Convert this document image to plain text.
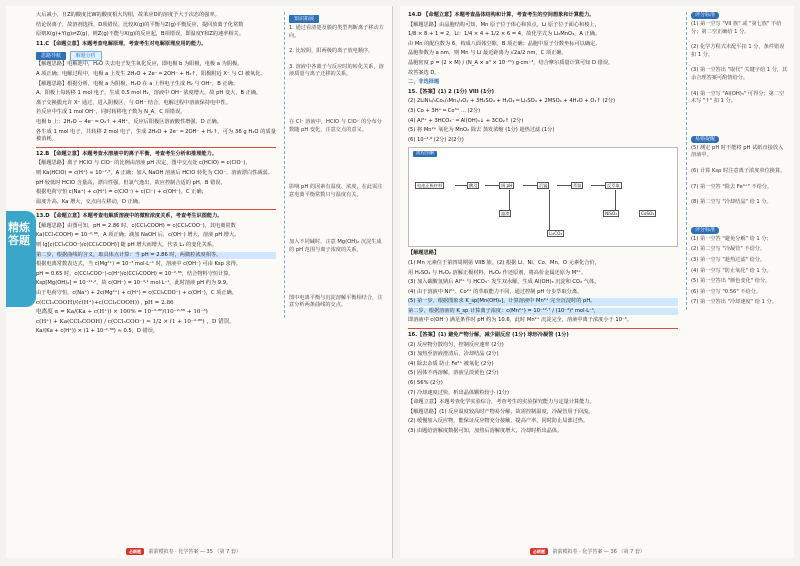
精炼答题
大后减小，且Z的酸度比W的酸度相大均相，故苯应D的溶度予大于次态的强率。
结论误离子，故溶剂选择，D项错误。比较X(g)的平衡与Z(g)平衡反应，提回放离子化常数
原则X(g)+Y(g)⇌Z(g)，则Z(g)不能与X(g)的反应起，B项错误，即温度Y和Z的速率相关。
11.C 【命题立意】本题考查电解原理，考查考生对电解原理应用的能力。
思路导航	解题分析
【解题思路】电解池中，H₂O 失去电子发生氧化反应，即电极 b 为阳极，电极 a 为阴极。
A 项正确；电解过程中，电极 a 上发生 2H₂O + 2e⁻ ═ 2OH⁻ + H₂↑，阳极附近 X⁻ 与 Cl 被氧化。
【解题思路】根据分析，电极 a 为阴极，H₂O 在 a 上得电子生成 H₂ 与 OH⁻，B 正确；
A、阳极上每转移 1 mol 电子，生成 0.5 mol H₂，溶液中 OH⁻ 浓度增大，故 pH 变大，B 正确。
离子交换膜允许 X⁻ 通过，进入阴极区，与 OH⁻ 结合，电解过程中溶液保持电中性。
若反应中生成 1 mol OH⁻，同时转移电子数为 N_A，C 项错误。
电极 b 上：2H₂O − 4e⁻ ═ O₂↑ + 4H⁺，反应后阳极区溶液酸性增强，D 正确。
各生成 1 mol 电子，共转移 2 mol 电子，生成 2H₂O + 2e⁻ ═ 2OH⁻ + H₂↑，可为 36 g H₂O 的质量被消耗。
12.B 【命题立意】本题考查水溶液中的离子平衡，考查考生分析和推理能力。
【解题思路】离子 HClO 与 ClO⁻ 的比例由溶液 pH 决定，图中交点处 c(HClO) = c(ClO⁻)，
则 Ka(HClO) = c(H⁺) ≈ 10⁻⁷·⁵，A 正确；加入 NaOH 溶液后 HClO 转化为 ClO⁻，溶液漂白性减弱。
pH 较低时 HClO 含量高，漂白性强，但氯气逸出，故应控制合适的 pH，B 错误。
根据电荷守恒 c(Na⁺) + c(H⁺) = c(ClO⁻) + c(Cl⁻) + c(OH⁻)，C 正确；
温度升高，Ka 增大，交点向左移动，D 正确。
13.D 【命题立意】本题考查电解质溶液中的微粒浓度关系，考查考生识图能力。
【解题思路】由图可知，pH = 2.86 时，c(CCl₃COOH) = c(CCl₃COO⁻)，其电离常数
Ka(CCl₃COOH) = 10⁻²·⁸⁶，A 项正确；滴加 NaOH 后，c(OH⁻) 增大，溶液 pH 增大。
则 lg[c(CCl₃COO⁻)/c(CCl₃COOH)] 随 pH 增大而增大，代表 L₁ 的变化关系。
第二步，根据曲线的含义，取具体点计算：当 pH = 2.86 时，两微粒浓度相等。
根据电离常数表达式，当 c(Mg²⁺) = 10⁻³ mol·L⁻¹ 时，溶液中 c(OH⁻) 可由 Ksp 求得。
pH = 0.65 时，c(CCl₃COO⁻)·c(H⁺)/c(CCl₃COOH) = 10⁻²·⁸⁶，结合物料守恒计算。
Ksp[Mg(OH)₂] = 10⁻¹¹·²，故 c(OH⁻) = 10⁻⁴·¹ mol·L⁻¹，此时溶液 pH 约为 9.9。
由于电荷守恒，c(Na⁺) + 2c(Mg²⁺) + c(H⁺) = c(CCl₃COO⁻) + c(OH⁻)，C 项正确。
c(CCl₃COOH)/(c(H⁺)+c(CCl₃COOH)) , pH = 2.86
电离度 α = Ka/(Ka + c(H⁺)) × 100% = 10⁻²·⁸⁶/(10⁻²·⁸⁶ + 10⁻³)
c(H⁺) + Ka(CCl₃COOH) / c(CCl₃COO⁻) ≈ 1/2 × (1 + 10⁻²·⁸⁶) ，D 错误。
Ka/(Ka + c(H⁺)) × (1 + 10⁻²·⁸⁶) ≈ 0.5，D 错误。
知识拓展
1. 通过看清楚及膜的类型判断离子移动方向。
2. 比较阴、阳两极的离子放电顺序。
3. 溶液中各离子与反应时的转化关系，溶液质量与离子迁移的关系。
在 Cl⁻ 溶液中，HClO 与 ClO⁻ 的分布分数随 pH 变化，注意交点的意义。
影响 pH 的因素有温度、浓度，在此需注意电离平衡常数只与温度有关。
加入不同碱时，注意 Mg(OH)₂ 沉淀生成的 pH 范围与离子浓度的关系。
图中电离平衡与沉淀溶解平衡相结合，注意分析两条曲线的交点。
必刷题 箭箭模拟卷 · 化学答案 — 35 （第 7 套）
14.D 【命题立意】本题考查晶体结构和计算，考查考生的空间想象和计算能力。
【解题思路】由晶胞结构可知，Mn 原子位于体心和顶点，Li 原子位于面心和棱上，
1/8 × 8 + 1 = 2，Li：1/4 × 4 + 1/2 × 6 = 4，故化学式为 Li₂MnO₃，A 正确。
由 Mn 的配位数为 6，构成八面体空隙，B 项正确；晶胞中原子分数坐标可以确定。
晶胞参数为 a nm，则 Mn 与 Li 最近距离为 √2a/2 nm，C 项正确。
晶胞密度 ρ = (2 × M) / (N_A × a³ × 10⁻²¹) g·cm⁻³，结合摩尔质量计算可知 D 错误。
故答案选 D。
二、非选择题
15.【答案】(1) 2 (1分) VIII (1分)
(2) 2LiNi₁/₃Co₁/₃Mn₁/₃O₂ + 3H₂SO₄ + H₂O₂ ═ Li₂SO₄ + 2MSO₄ + 4H₂O + O₂↑ (2分)
(3) Co + 3H⁺ ═ Co³⁺ ... (2分)
(4) Al³⁺ + 3HCO₃⁻ ═ Al(OH)₃↓ + 3CO₂↑ (2分)
(5) 将 Mn²⁺ 氧化为 MnO₂ 除去 蒸发浓缩 (1分) 趁热过滤 (1分)
(6) 10⁻²·⁶ (2分) 2(2分)
流程图解
电池正极材料	酸浸	调 pH	沉锰	萃取	反萃取
滤渣	NiSO₄	CoSO₄
Li₂CO₃
【解题思路】
(1) Mn 元素位于第四周期第 VIIB 族。(2) 根据 Li、Ni、Co、Mn、O 元素化合价，
用 H₂SO₄ 与 H₂O₂ 溶解正极材料，H₂O₂ 作还原剂，将高价金属还原为 M²⁺。
(3) 加入碳酸氢钠后 Al³⁺ 与 HCO₃⁻ 发生双水解，生成 Al(OH)₃ 沉淀和 CO₂ 气体。
(4) 由于溶液中 Ni²⁺、Co²⁺ 的萃取能力不同，通过控制 pH 分步萃取分离。
(5) 第一步，根据图象求 K_sp[Mn(OH)₂]，计算溶液中 Mn²⁺ 完全沉淀时的 pH。
第二步，根据溶液的 K_sp 计算离子浓度：c(Mn²⁺) = 10⁻¹²·⁷ / (10⁻⁴)² mol·L⁻¹，
即溶液中 c(OH⁻) 满足条件时 pH 约为 10.6，此时 Mn²⁺ 沉淀完全，溶液中离子浓度小于 10⁻⁵。
16.【答案】(1) 避免产物分解，减少副反应 (1分) 球形冷凝管 (1分)
(2) 反应物分散均匀，控制反应速率 (2分)
(3) 加热至溶液澄清后，冷却结晶 (2分)
(4) 除去杂质 防止 Fe²⁺ 被氧化 (2分)
(5) 固体不再溶解，溶液呈淡黄色 (2分)
(6) 56% (2分)
(7) 冷却速度过快，析出晶体颗粒较小 (1分)
【命题立意】本题考查化学实验综合，考查考生的实验探究能力与定量计算能力。
【解题思路】(1) 反应温度较高时产物易分解，故需控制温度，冷凝管用于回流。
(2) 缓慢加入反应物，能保证反应物充分接触，提高产率，同时防止局部过热。
(3) 由题给溶解度数据可知，加热后溶解度增大，冷却时析出晶体。
评分标准
(1) 第一空写 "VII 族" 或 "第七族" 不给分；第二空正确给 1 分。
(2) 化学方程式未配平扣 1 分，条件错误扣 1 分。
(3) 第一空答出 "取代" 关键字给 1 分，其余合理答案可酌情给分。
(4) 第一空写 "Al(OH)₃" 可得分；第二空未写 "↑" 扣 1 分。
易错提醒
(5) 测定 pH 时不能将 pH 试纸直接放入溶液中。
(6) 计算 Ksp 时注意离子浓度单位换算。
(7) 第一空答 "除去 Fe³⁺" 不给分。
(8) 第二空写 "冷却结晶" 给 1 分。
评分标准
(1) 第一空答 "避免分解" 给 1 分；
(2) 第二空写 "冷凝管" 不给分。
(3) 第一空写 "趁热过滤" 给分。
(4) 第一空写 "防止氧化" 给 1 分。
(5) 第一空答出 "颜色变化" 给分。
(6) 第一空写 "0.56" 不给分。
(7) 第一空答出 "冷却速度" 给 1 分。
必刷题 箭箭模拟卷 · 化学答案 — 36 （第 7 套）
